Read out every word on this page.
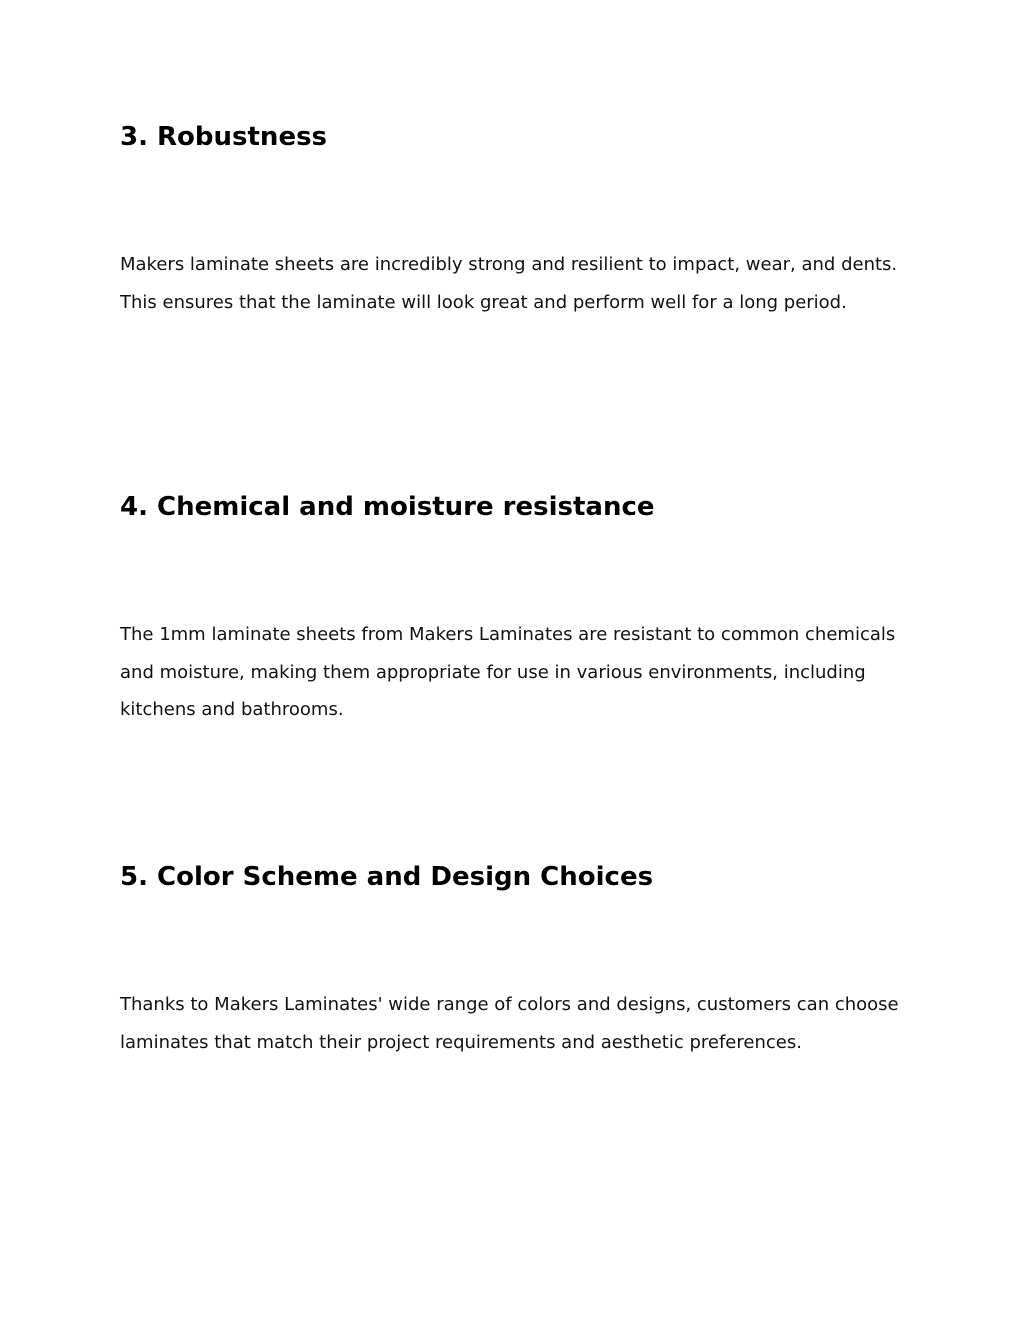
3. Robustness

Makers laminate sheets are incredibly strong and resilient to impact, wear, and dents. This ensures that the laminate will look great and perform well for a long period.

4. Chemical and moisture resistance

The 1mm laminate sheets from Makers Laminates are resistant to common chemicals and moisture, making them appropriate for use in various environments, including kitchens and bathrooms.

5. Color Scheme and Design Choices

Thanks to Makers Laminates' wide range of colors and designs, customers can choose laminates that match their project requirements and aesthetic preferences.
